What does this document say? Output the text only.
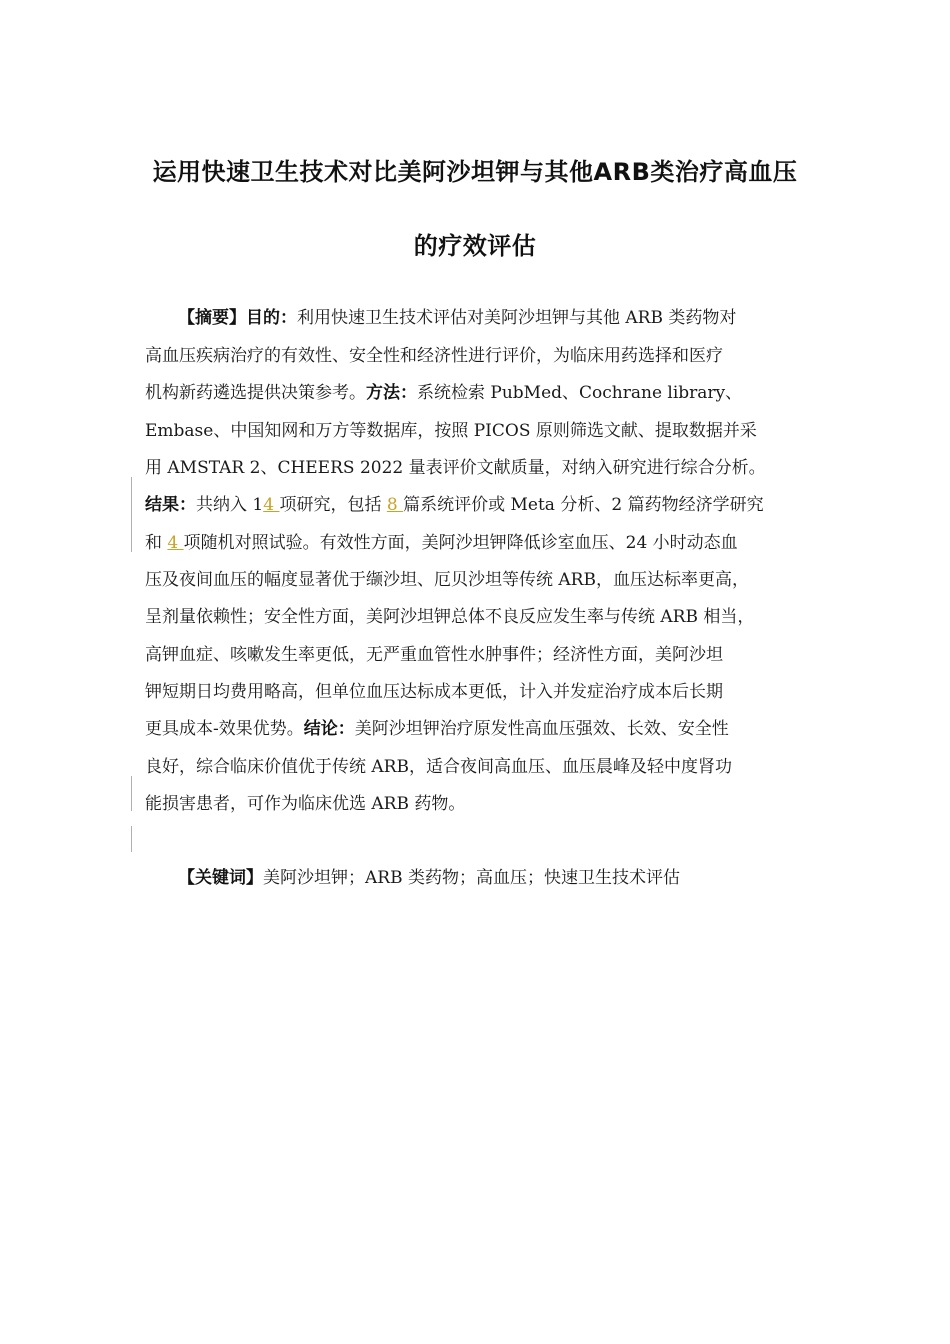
运用快速卫生技术对比美阿沙坦钾与其他ARB类治疗高血压
的疗效评估
【摘要】目的：利用快速卫生技术评估对美阿沙坦钾与其他 ARB 类药物对
高血压疾病治疗的有效性、安全性和经济性进行评价，为临床用药选择和医疗
机构新药遴选提供决策参考。方法：系统检索 PubMed、Cochrane library、
Embase、中国知网和万方等数据库，按照 PICOS 原则筛选文献、提取数据并采
用 AMSTAR 2、CHEERS 2022 量表评价文献质量，对纳入研究进行综合分析。
结果：共纳入 14 项研究，包括 8 篇系统评价或 Meta 分析、2 篇药物经济学研究
和 4 项随机对照试验。有效性方面，美阿沙坦钾降低诊室血压、24 小时动态血
压及夜间血压的幅度显著优于缬沙坦、厄贝沙坦等传统 ARB，血压达标率更高，
呈剂量依赖性；安全性方面，美阿沙坦钾总体不良反应发生率与传统 ARB 相当，
高钾血症、咳嗽发生率更低，无严重血管性水肿事件；经济性方面，美阿沙坦
钾短期日均费用略高，但单位血压达标成本更低，计入并发症治疗成本后长期
更具成本-效果优势。结论：美阿沙坦钾治疗原发性高血压强效、长效、安全性
良好，综合临床价值优于传统 ARB，适合夜间高血压、血压晨峰及轻中度肾功
能损害患者，可作为临床优选 ARB 药物。
【关键词】美阿沙坦钾；ARB 类药物；高血压；快速卫生技术评估
